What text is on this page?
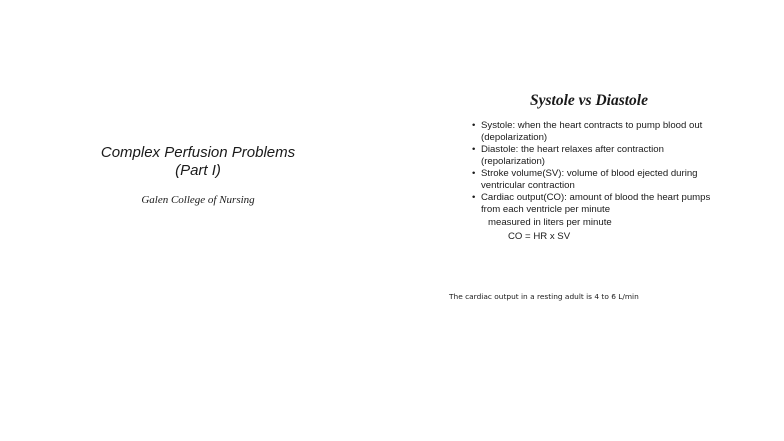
Complex Perfusion Problems
(Part I)

Galen College of Nursing

Systole vs Diastole
• Systole: when the heart contracts to pump blood out (depolarization)
• Diastole: the heart relaxes after contraction (repolarization)
• Stroke volume(SV): volume of blood ejected during ventricular contraction
• Cardiac output(CO): amount of blood the heart pumps from each ventricle per minute

measured in liters per minute

CO = HR x SV

The cardiac output in a resting adult is 4 to 6 L/min
